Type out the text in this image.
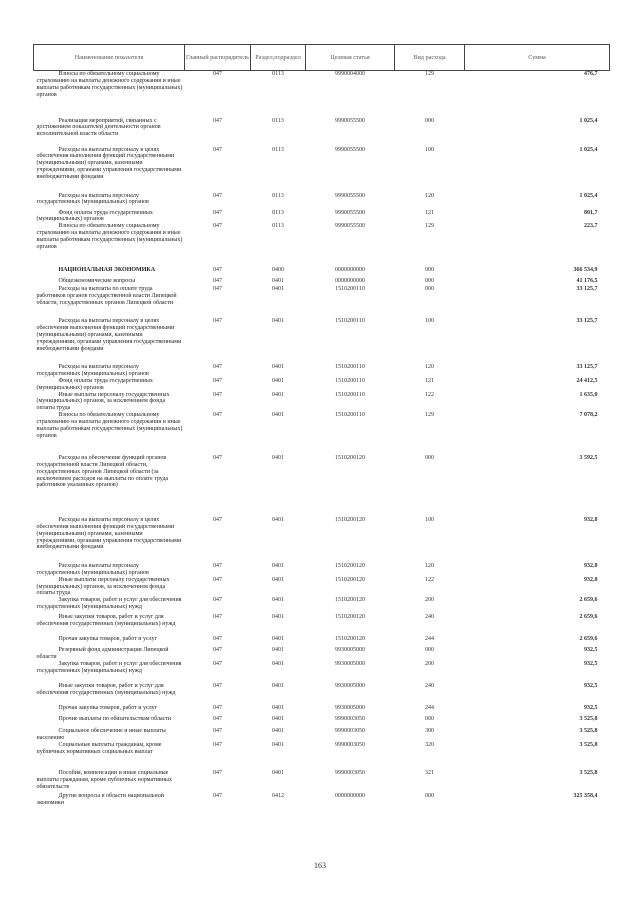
Наименование показателя	Главный распорядитель	Раздел,подраздел	Целевая статья	Вид расхода	Сумма
Взносы по обязательному социальному страхованию на выплаты денежного содержания и иные выплаты работникам государственных (муниципальных) органов	047	0113	9990004000	129	476,7
Реализация мероприятий, связанных с достижением показателей деятельности органов исполнительной власти области	047	0113	9990055500	000	1 025,4
Расходы на выплаты персоналу в целях обеспечения выполнения функций государственными (муниципальными) органами, казенными учреждениями, органами управления государственными внебюджетными фондами	047	0113	9990055500	100	1 025,4
Расходы на выплаты персоналу государственных (муниципальных) органов	047	0113	9990055500	120	1 025,4
Фонд оплаты труда государственных (муниципальных) органов	047	0113	9990055500	121	801,7
Взносы по обязательному социальному страхованию на выплаты денежного содержания и иные выплаты работникам государственных (муниципальных) органов	047	0113	9990055500	129	223,7
НАЦИОНАЛЬНАЯ ЭКОНОМИКА	047	0400	0000000000	000	366 534,9
Общеэкономические вопросы	047	0401	0000000000	000	41 176,5
Расходы на выплаты по оплате труда работников органов государственной власти Липецкой области, государственных органов Липецкой области	047	0401	1510200110	000	33 125,7
Расходы на выплаты персоналу в целях обеспечения выполнения функций государственными (муниципальными) органами, казенными учреждениями, органами управления государственными внебюджетными фондами	047	0401	1510200110	100	33 125,7
Расходы на выплаты персоналу государственных (муниципальных) органов	047	0401	1510200110	120	33 125,7
Фонд оплаты труда государственных (муниципальных) органов	047	0401	1510200110	121	24 412,5
Иные выплаты персоналу государственных (муниципальных) органов, за исключением фонда оплаты труда	047	0401	1510200110	122	1 635,0
Взносы по обязательному социальному страхованию на выплаты денежного содержания и иные выплаты работникам государственных (муниципальных) органов	047	0401	1510200110	129	7 078,2
Расходы на обеспечение функций органов государственной власти Липецкой области, государственных органов Липецкой области (за исключением расходов на выплаты по оплате труда работников указанных органов)	047	0401	1510200120	000	3 592,5
Расходы на выплаты персоналу в целях обеспечения выполнения функций государственными (муниципальными) органами, казенными учреждениями, органами управления государственными внебюджетными фондами	047	0401	1510200120	100	932,8
Расходы на выплаты персоналу государственных (муниципальных) органов	047	0401	1510200120	120	932,8
Иные выплаты персоналу государственных (муниципальных) органов, за исключением фонда оплаты труда	047	0401	1510200120	122	932,8
Закупка товаров, работ и услуг для обеспечения государственных (муниципальных) нужд	047	0401	1510200120	200	2 659,6
Иные закупки товаров, работ и услуг для обеспечения государственных (муниципальных) нужд	047	0401	1510200120	240	2 659,6
Прочая закупка товаров, работ и услуг	047	0401	1510200120	244	2 659,6
Резервный фонд администрации Липецкой области	047	0401	9930005000	000	932,5
Закупка товаров, работ и услуг для обеспечения государственных (муниципальных) нужд	047	0401	9930005000	200	932,5
Иные закупки товаров, работ и услуг для обеспечения государственных (муниципальных) нужд	047	0401	9930005000	240	932,5
Прочая закупка товаров, работ и услуг	047	0401	9930005000	244	932,5
Прочие выплаты по обязательствам области	047	0401	9990003050	000	3 525,8
Социальное обеспечение и иные выплаты населению	047	0401	9990003050	300	3 525,8
Социальные выплаты гражданам, кроме публичных нормативных социальных выплат	047	0401	9990003050	320	3 525,8
Пособия, компенсации и иные социальные выплаты гражданам, кроме публичных нормативных обязательств	047	0401	9990003050	321	3 525,8
Другие вопросы в области национальной экономики	047	0412	0000000000	000	325 358,4
163
